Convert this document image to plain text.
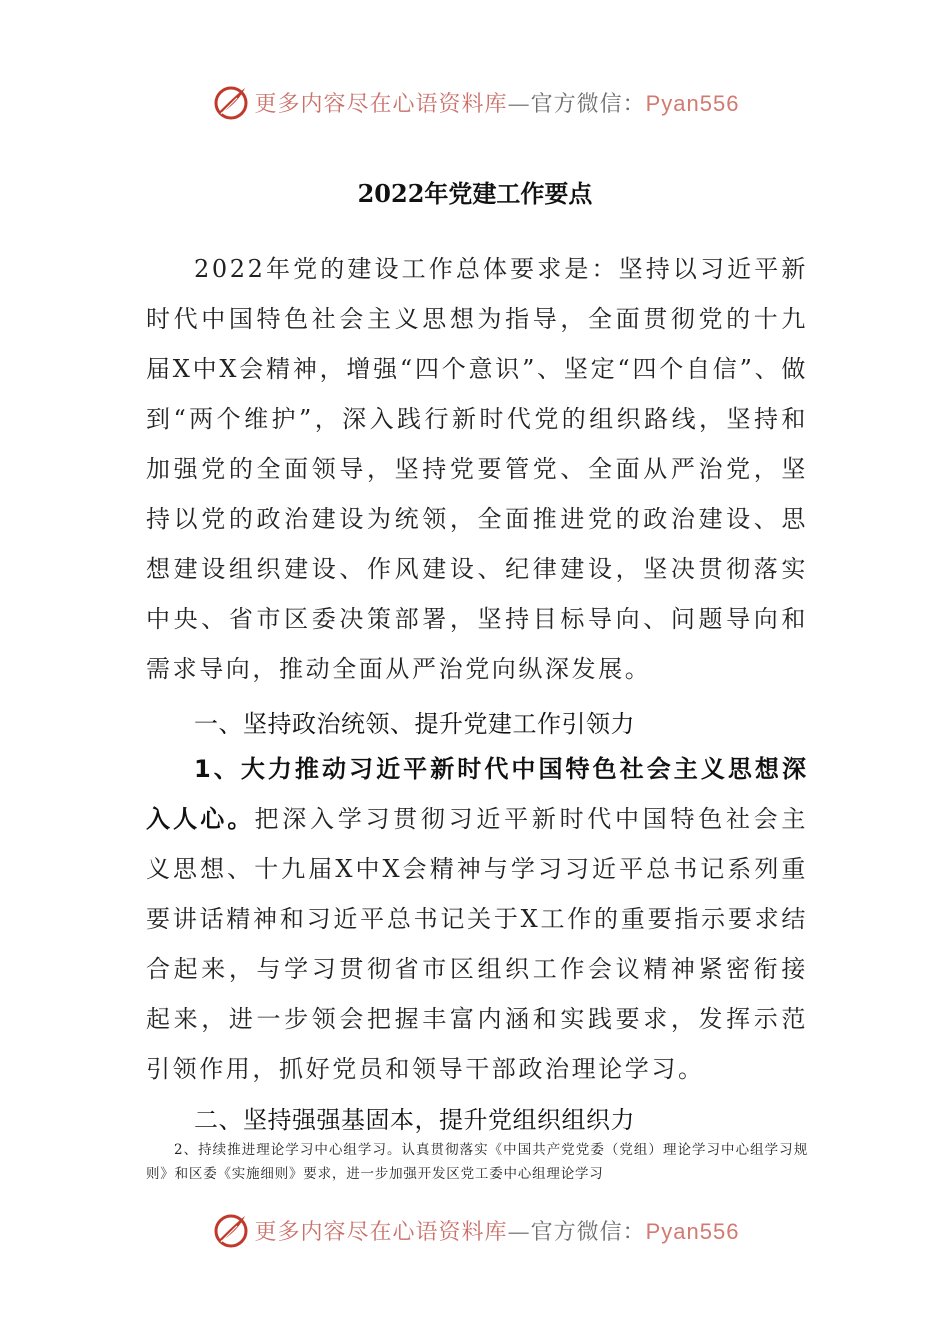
更多内容尽在心语资料库—官方微信：Pyan556
2022年党建工作要点

2022年党的建设工作总体要求是：坚持以习近平新时代中国特色社会主义思想为指导，全面贯彻党的十九届X中X会精神，增强“四个意识”、坚定“四个自信”、做到“两个维护”，深入践行新时代党的组织路线，坚持和加强党的全面领导，坚持党要管党、全面从严治党，坚持以党的政治建设为统领，全面推进党的政治建设、思想建设组织建设、作风建设、纪律建设，坚决贯彻落实中央、省市区委决策部署，坚持目标导向、问题导向和需求导向，推动全面从严治党向纵深发展。

一、坚持政治统领、提升党建工作引领力

1、大力推动习近平新时代中国特色社会主义思想深入人心。把深入学习贯彻习近平新时代中国特色社会主义思想、十九届X中X会精神与学习习近平总书记系列重要讲话精神和习近平总书记关于X工作的重要指示要求结合起来，与学习贯彻省市区组织工作会议精神紧密衔接起来，进一步领会把握丰富内涵和实践要求，发挥示范引领作用，抓好党员和领导干部政治理论学习。

二、坚持强强基固本，提升党组织组织力

2、持续推进理论学习中心组学习。认真贯彻落实《中国共产党党委（党组）理论学习中心组学习规则》和区委《实施细则》要求，进一步加强开发区党工委中心组理论学习

更多内容尽在心语资料库—官方微信：Pyan556
